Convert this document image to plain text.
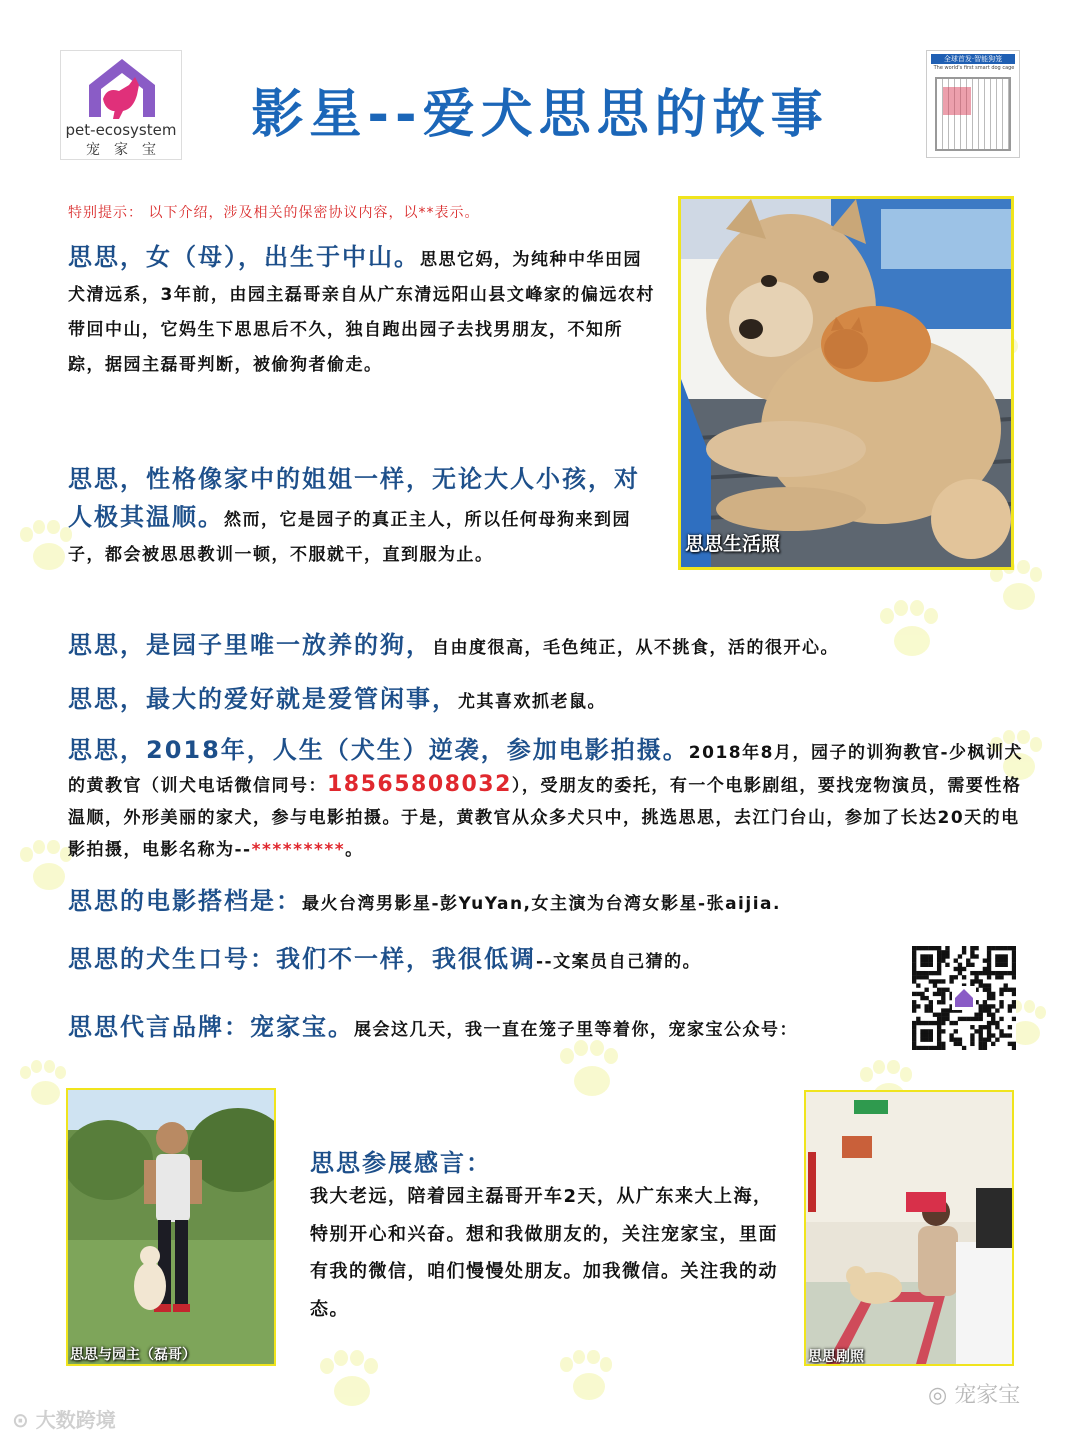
pet-ecosystem
宠家宝
全球首发·智能狗笼
The world's first smart dog cage
影星--爱犬思思的故事
特别提示： 以下介绍，涉及相关的保密协议内容，以**表示。
思思，女（母），出生于中山。思思它妈，为纯种中华田园犬清远系，3年前，由园主磊哥亲自从广东清远阳山县文峰家的偏远农村带回中山，它妈生下思思后不久，独自跑出园子去找男朋友，不知所踪，据园主磊哥判断，被偷狗者偷走。
思思，性格像家中的姐姐一样，无论大人小孩，对人极其温顺。然而，它是园子的真正主人，所以任何母狗来到园子，都会被思思教训一顿，不服就干，直到服为止。	思思生活照
思思，是园子里唯一放养的狗，自由度很高，毛色纯正，从不挑食，活的很开心。
思思，最大的爱好就是爱管闲事，尤其喜欢抓老鼠。
思思，2018年，人生（犬生）逆袭，参加电影拍摄。2018年8月，园子的训狗教官-少枫训犬的黄教官（训犬电话微信同号：18565808032），受朋友的委托，有一个电影剧组，要找宠物演员，需要性格温顺，外形美丽的家犬，参与电影拍摄。于是，黄教官从众多犬只中，挑选思思，去江门台山，参加了长达20天的电影拍摄，电影名称为--*********。
思思的电影搭档是：最火台湾男影星-彭YuYan,女主演为台湾女影星-张aijia.
思思的犬生口号：我们不一样，我很低调--文案员自己猜的。
思思代言品牌：宠家宝。展会这几天，我一直在笼子里等着你，宠家宝公众号：
思思与园主（磊哥）
思思参展感言：
我大老远，陪着园主磊哥开车2天，从广东来大上海，特别开心和兴奋。想和我做朋友的，关注宠家宝，里面有我的微信，咱们慢慢处朋友。加我微信。关注我的动态。
思思剧照
⊙ 大数跨境
◎ 宠家宝
